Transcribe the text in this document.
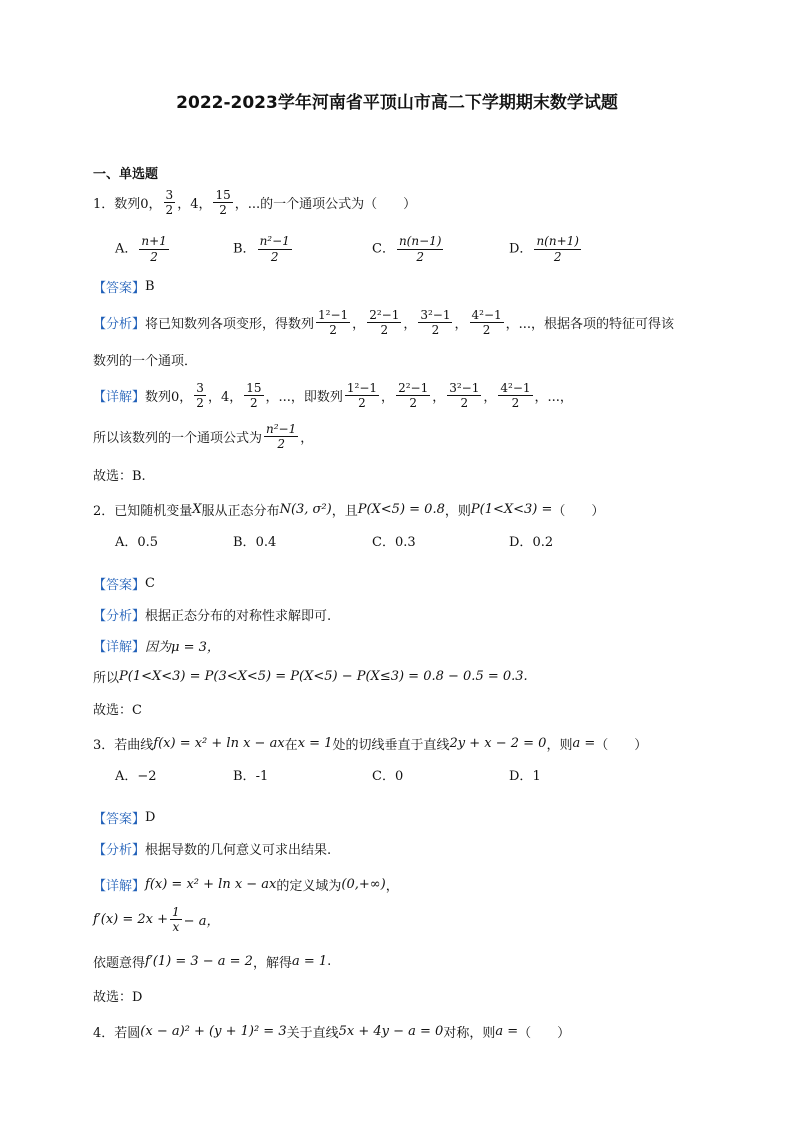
2022-2023学年河南省平顶山市高二下学期期末数学试题
一、单选题
1．数列0， $\frac{3}{2}$ ，4， $\frac{15}{2}$ ，...的一个通项公式为（　　）
A． $\frac{n+1}{2}$	B． $\frac{\text{n²−1}}{2}$	C． $\frac{n(n-1)}{2}$	D． $\frac{n(n+1)}{2}$
【答案】 B
【分析】 将已知数列各项变形，得数列 $\frac{\text{1²−1}}{2}$ ， $\frac{\text{2²−1}}{2}$ ， $\frac{\text{3²−1}}{2}$ ， $\frac{\text{4²−1}}{2}$ ，...，根据各项的特征可得该
数列的一个通项．
【详解】 数列0， $\frac{3}{2}$ ，4， $\frac{15}{2}$ ，...，即数列 $\frac{\text{1²−1}}{2}$ ， $\frac{\text{2²−1}}{2}$ ， $\frac{\text{3²−1}}{2}$ ， $\frac{\text{4²−1}}{2}$ ，...，
所以该数列的一个通项公式为 $\frac{\text{n²−1}}{2}$ ，
故选：B.
2．已知随机变量 X 服从正态分布 N(3, σ²) ，且 P(X<5) = 0.8 ，则 P(1<X<3) = （　　）
A．0.5	B．0.4	C．0.3	D．0.2
【答案】 C
【分析】 根据正态分布的对称性求解即可.
【详解】 因为μ = 3，
所以 P(1<X<3) = P(3<X<5) = P(X<5) − P(X≤3) = 0.8 − 0.5 = 0.3.
故选：C
3．若曲线 f(x) = x² + ln x − ax 在 x = 1 处的切线垂直于直线 2y + x − 2 = 0 ，则 a = （　　）
A．−2	B．-1	C．0	D．1
【答案】 D
【分析】 根据导数的几何意义可求出结果.
【详解】 f(x) = x² + ln x − ax 的定义域为 (0,+∞) ，
$f'(x) = 2x + \frac{1}{x} - a$，
依题意得 f′(1) = 3 − a = 2 ，解得 a = 1 .
故选：D
4．若圆 (x − a)² + (y + 1)² = 3 关于直线 5x + 4y − a = 0 对称，则 a = （　　）
